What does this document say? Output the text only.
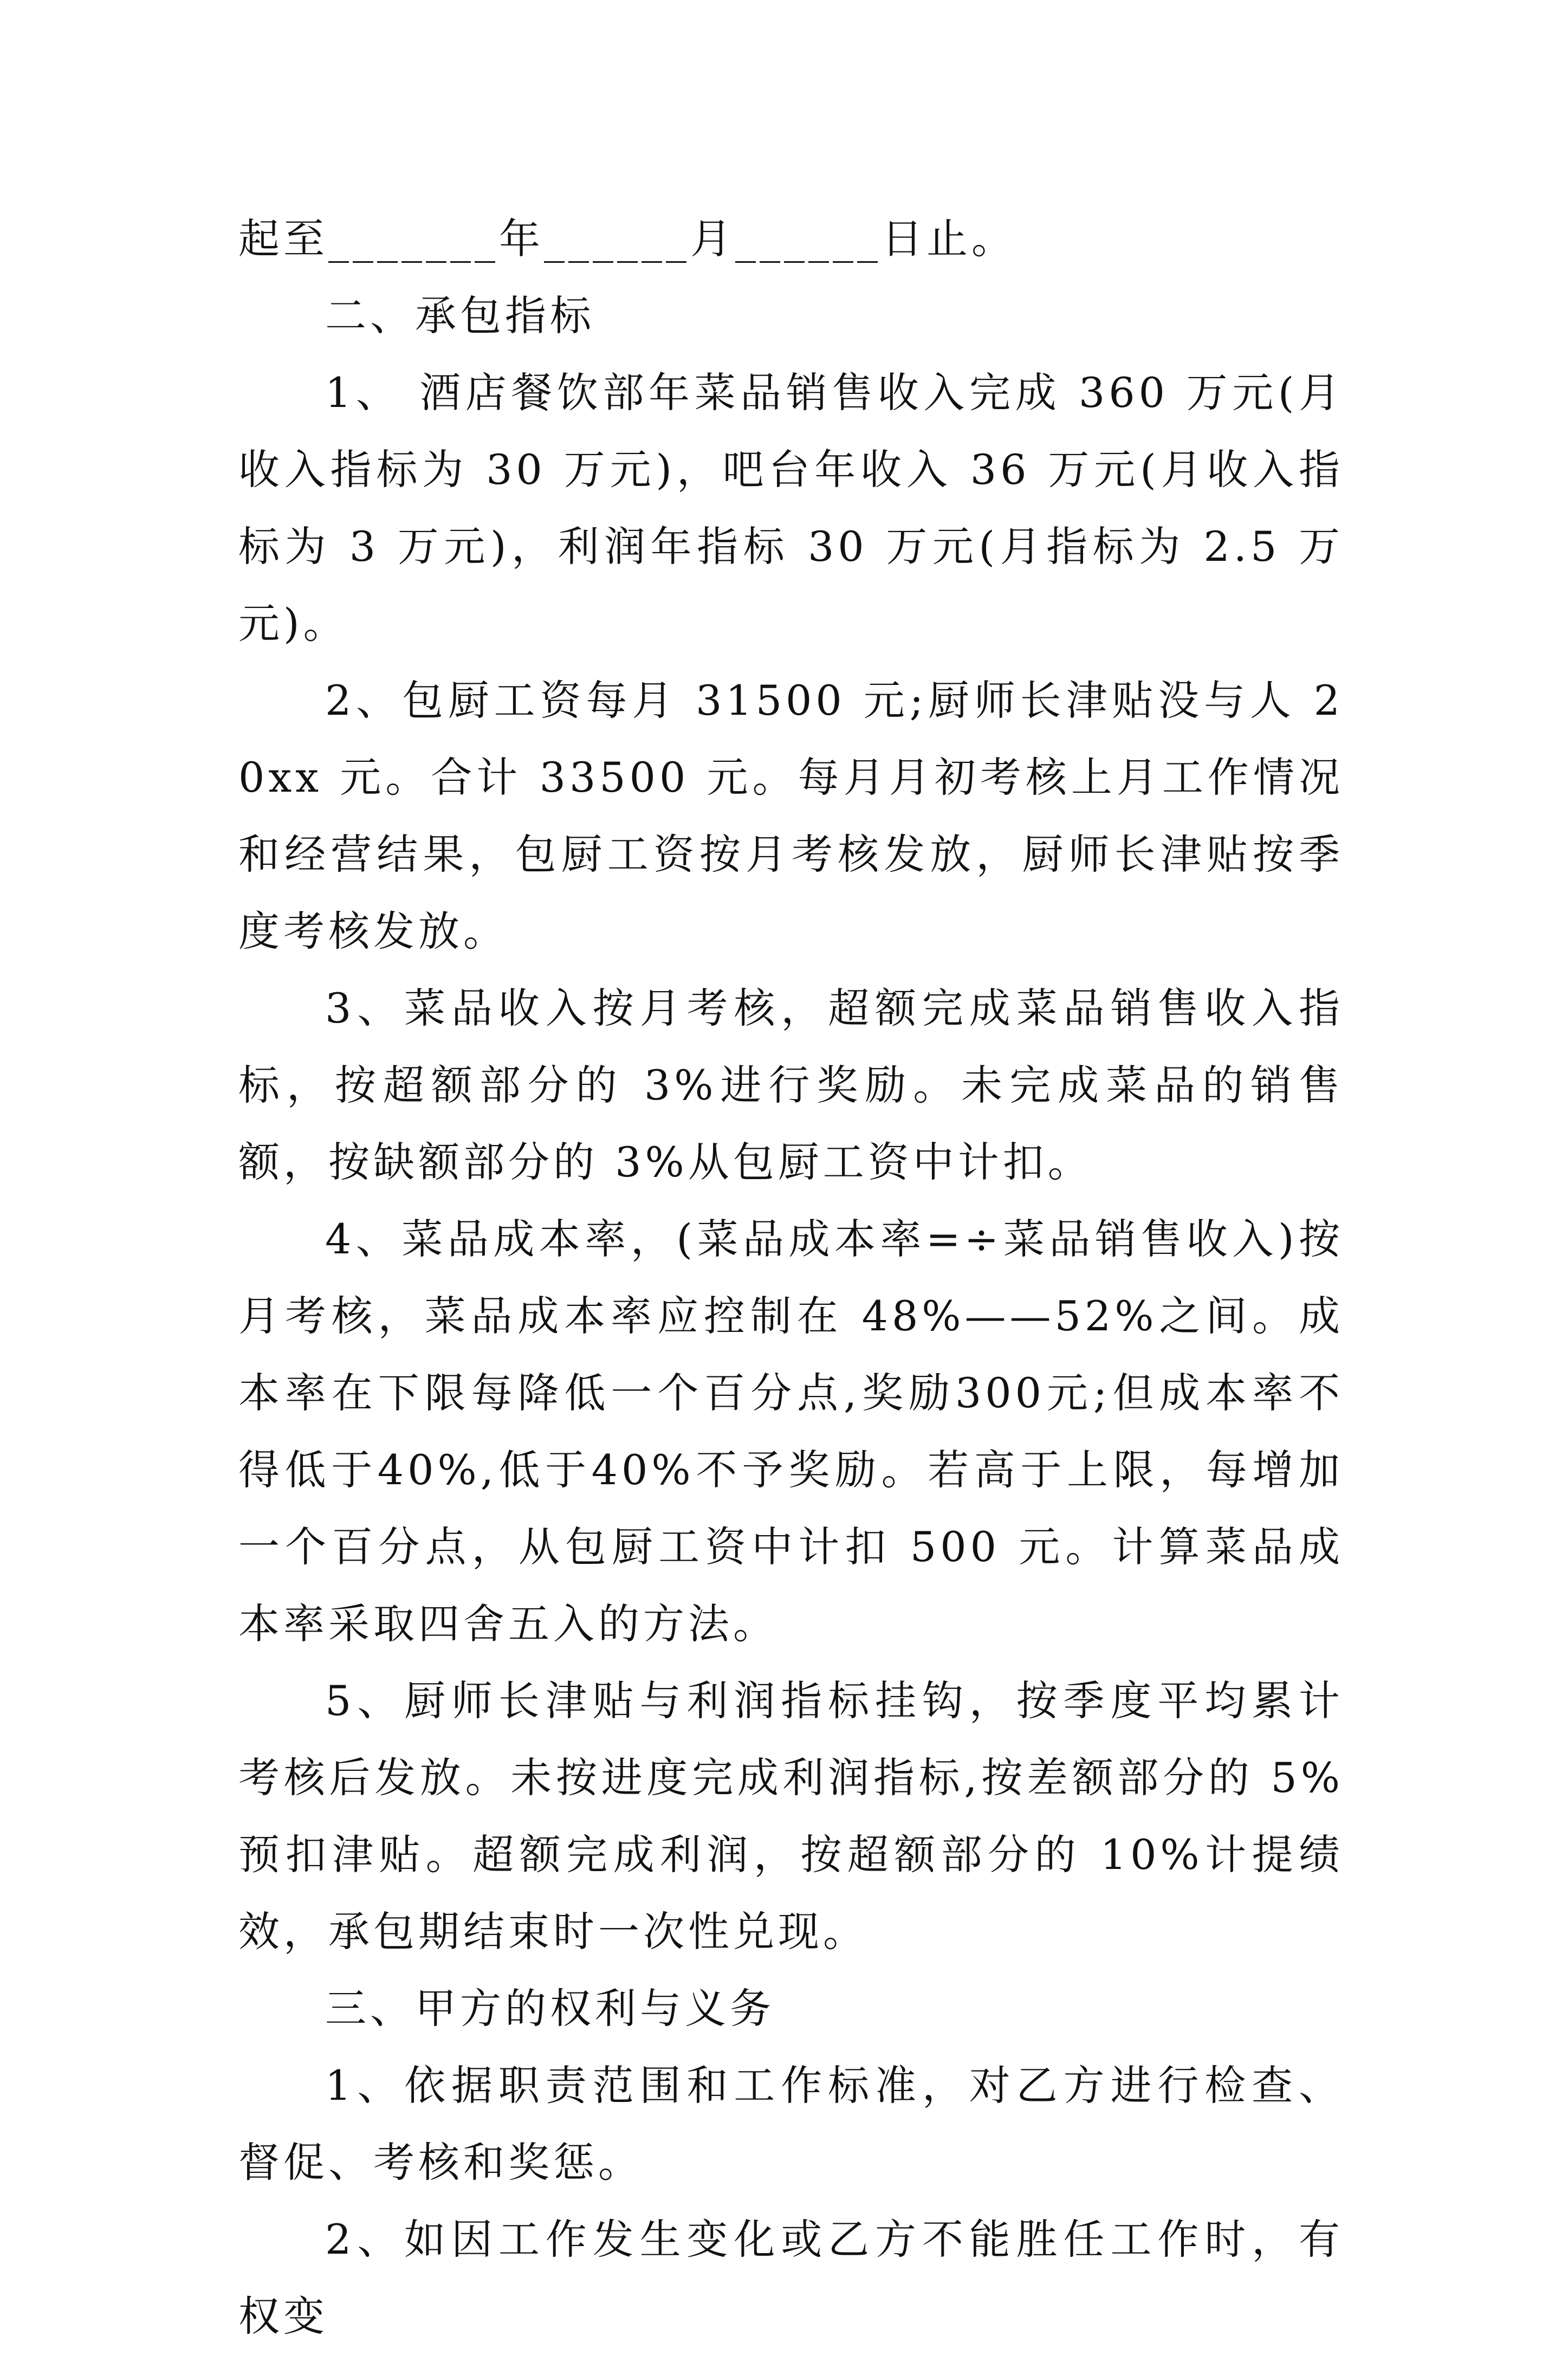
起至_______年______月______日止。

二、承包指标

1、 酒店餐饮部年菜品销售收入完成 360 万元(月收入指标为 30 万元)，吧台年收入 36 万元(月收入指标为 3 万元)，利润年指标 30 万元(月指标为 2.5 万元)。

2、包厨工资每月 31500 元;厨师长津贴没与人 20xx 元。合计 33500 元。每月月初考核上月工作情况和经营结果，包厨工资按月考核发放，厨师长津贴按季度考核发放。

3、菜品收入按月考核，超额完成菜品销售收入指标，按超额部分的 3%进行奖励。未完成菜品的销售额，按缺额部分的 3%从包厨工资中计扣。

4、菜品成本率，(菜品成本率=÷菜品销售收入)按月考核，菜品成本率应控制在 48%——52%之间。成本率在下限每降低一个百分点,奖励300元;但成本率不得低于40%,低于40%不予奖励。若高于上限，每增加一个百分点，从包厨工资中计扣 500 元。计算菜品成本率采取四舍五入的方法。

5、厨师长津贴与利润指标挂钩，按季度平均累计考核后发放。未按进度完成利润指标,按差额部分的 5%预扣津贴。超额完成利润，按超额部分的 10%计提绩效，承包期结束时一次性兑现。

三、甲方的权利与义务

1、依据职责范围和工作标准，对乙方进行检查、督促、考核和奖惩。

2、如因工作发生变化或乙方不能胜任工作时，有权变
